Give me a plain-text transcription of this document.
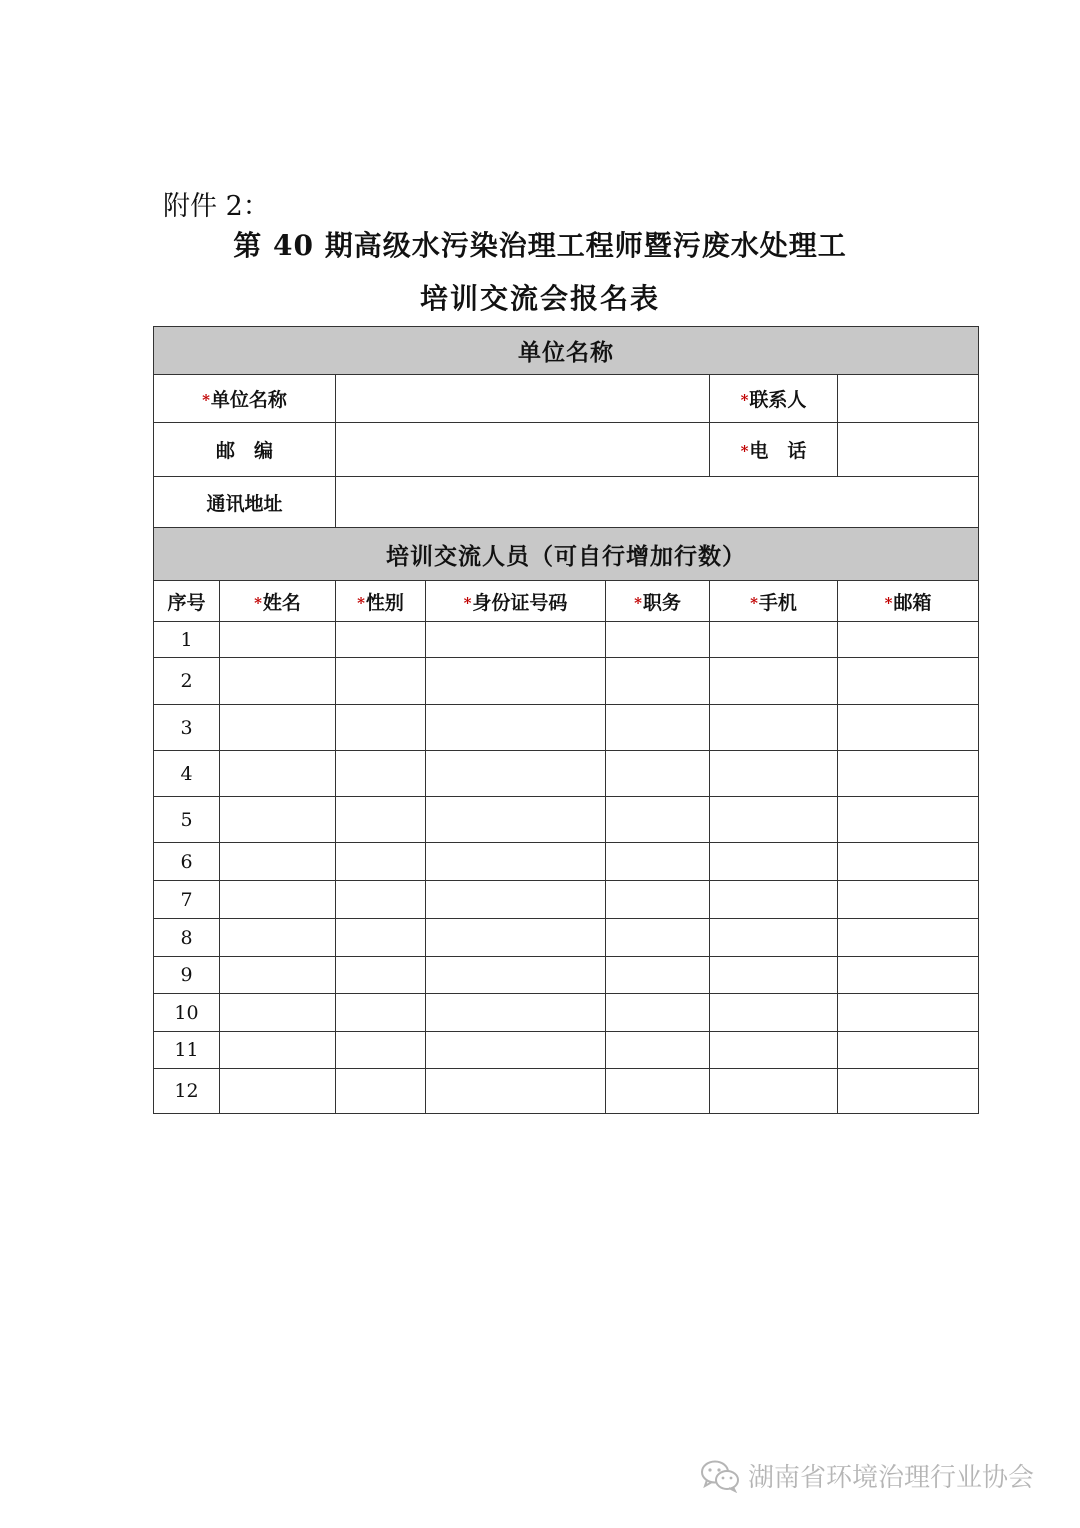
附件 2：
第 40 期高级水污染治理工程师暨污废水处理工
培训交流会报名表
单位名称						
*单位名称					*联系人	
邮　编					*电　话	
通讯地址						
培训交流人员（可自行增加行数）						
序号	*姓名	*性别	*身份证号码	*职务	*手机	*邮箱
1						
2						
3						
4						
5						
6						
7						
8						
9						
10						
11						
12						
湖南省环境治理行业协会
